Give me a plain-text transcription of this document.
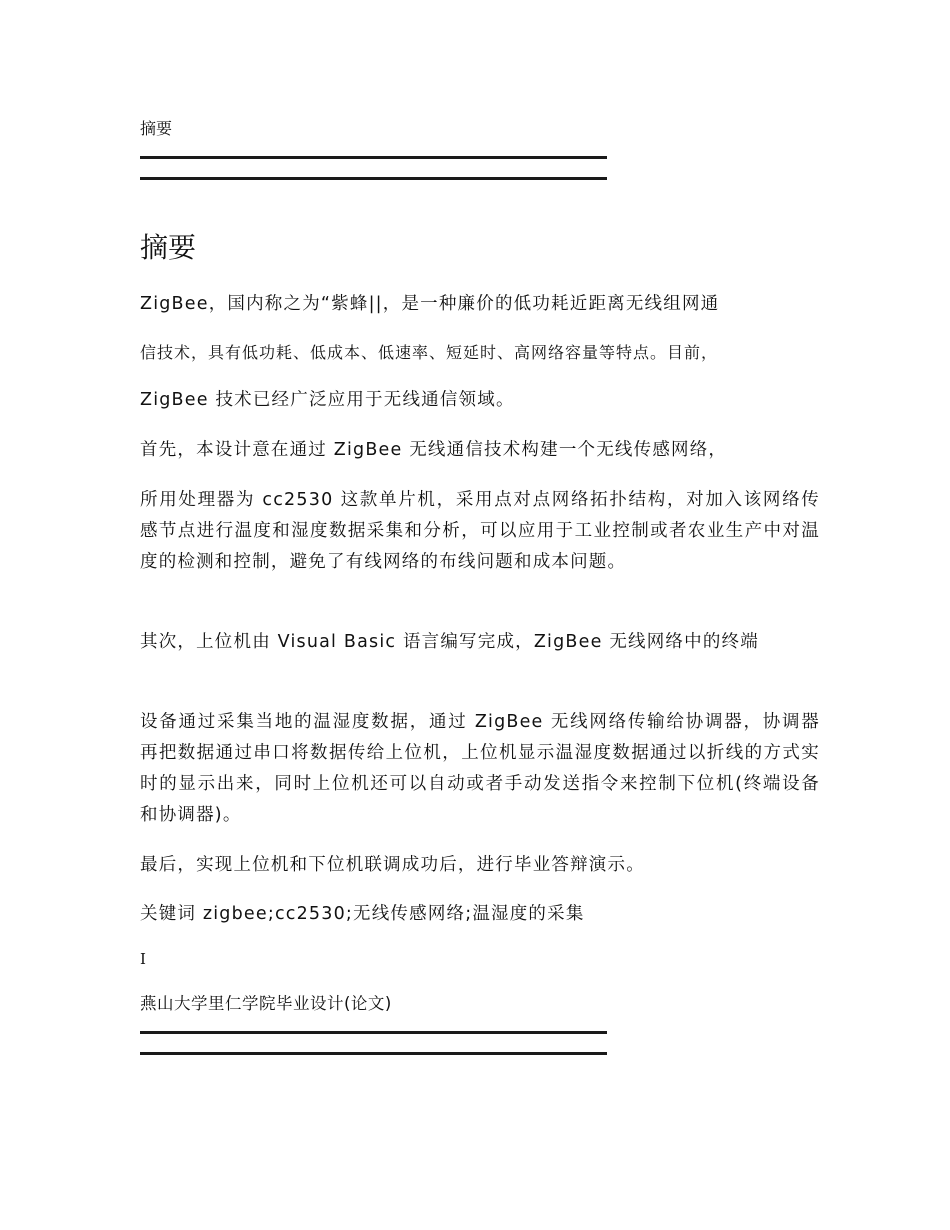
摘要
摘要
ZigBee，国内称之为“紫蜂||，是一种廉价的低功耗近距离无线组网通
信技术，具有低功耗、低成本、低速率、短延时、高网络容量等特点。目前，
ZigBee 技术已经广泛应用于无线通信领域。
首先，本设计意在通过 ZigBee 无线通信技术构建一个无线传感网络，
所用处理器为 cc2530 这款单片机，采用点对点网络拓扑结构，对加入该网络传感节点进行温度和湿度数据采集和分析，可以应用于工业控制或者农业生产中对温度的检测和控制，避免了有线网络的布线问题和成本问题。
其次，上位机由 Visual Basic 语言编写完成，ZigBee 无线网络中的终端
设备通过采集当地的温湿度数据，通过 ZigBee 无线网络传输给协调器，协调器再把数据通过串口将数据传给上位机，上位机显示温湿度数据通过以折线的方式实时的显示出来，同时上位机还可以自动或者手动发送指令来控制下位机(终端设备和协调器)。
最后，实现上位机和下位机联调成功后，进行毕业答辩演示。
关键词 zigbee;cc2530;无线传感网络;温湿度的采集
I
燕山大学里仁学院毕业设计(论文)
